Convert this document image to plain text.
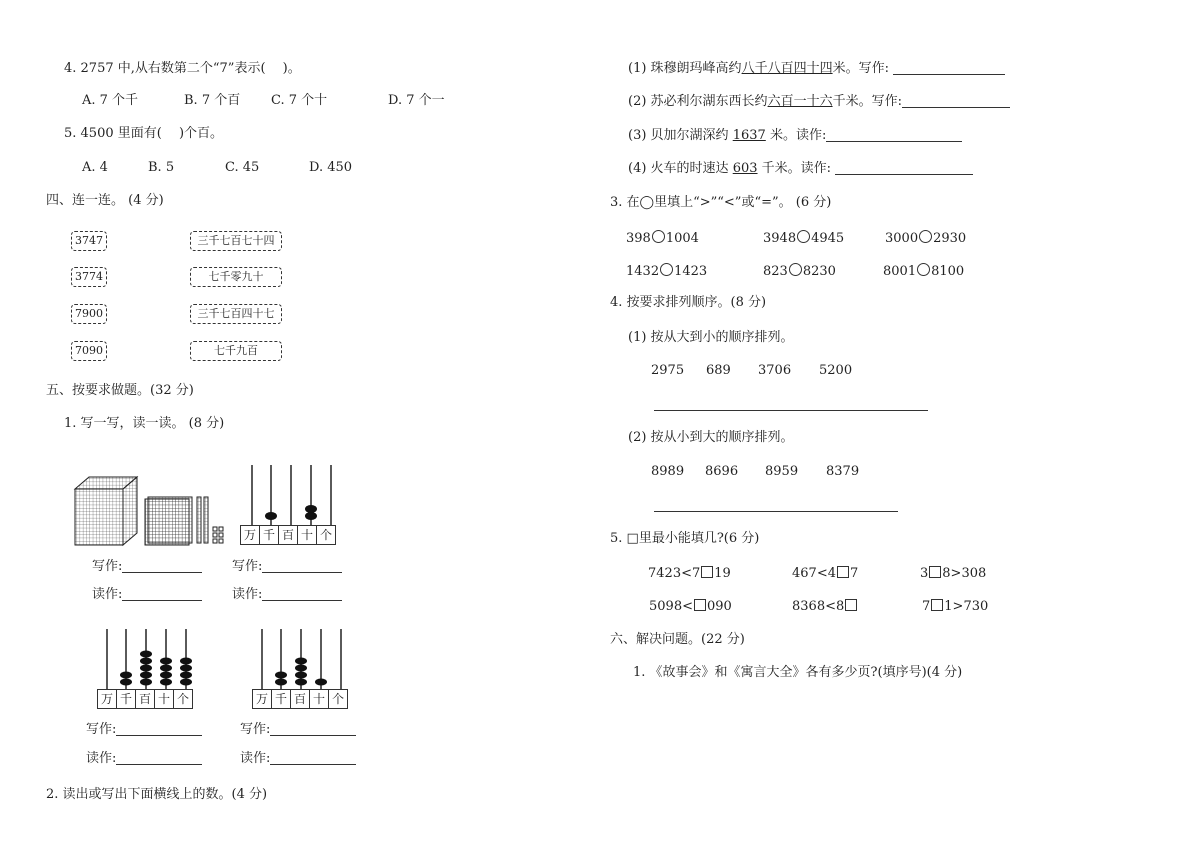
4. 2757 中,从右数第二个“7”表示(　 )。
A. 7 个千	B. 7 个百 C. 7 个十	D. 7 个一
5. 4500 里面有(　 )个百。
A. 4	B. 5	C. 45	D. 450
四、连一连。 (4 分)
3747
3774
7900
7090
三千七百七十四
七千零九十
三千七百四十七
七千九百
五、按要求做题。(32 分)
1. 写一写，读一读。 (8 分)
万 千 百 十 个
写作:	写作:
读作:	读作:
万 千 百 十 个	万 千 百 十 个
写作:	写作:
读作:	读作:
2. 读出或写出下面横线上的数。(4 分)
(1) 珠穆朗玛峰高约八千八百四十四米。写作:
(2) 苏必利尔湖东西长约六百一十六千米。写作:
(3) 贝加尔湖深约 1637 米。读作:
(4) 火车的时速达 603 千米。读作:
3. 在◯里填上“>”“<”或“=”。 (6 分)
398 1004	3948 4945	3000 2930
1432 1423	823 8230	8001 8100
4. 按要求排列顺序。(8 分)
(1) 按从大到小的顺序排列。
2975 689 3706 5200
(2) 按从小到大的顺序排列。
8989 8696 8959 8379
5. □里最小能填几?(6 分)
7423<7 19	467<4 7	3 8>308
5098< 090	8368<8	7 1>730
六、解决问题。(22 分)
1. 《故事会》和《寓言大全》各有多少页?(填序号)(4 分)
